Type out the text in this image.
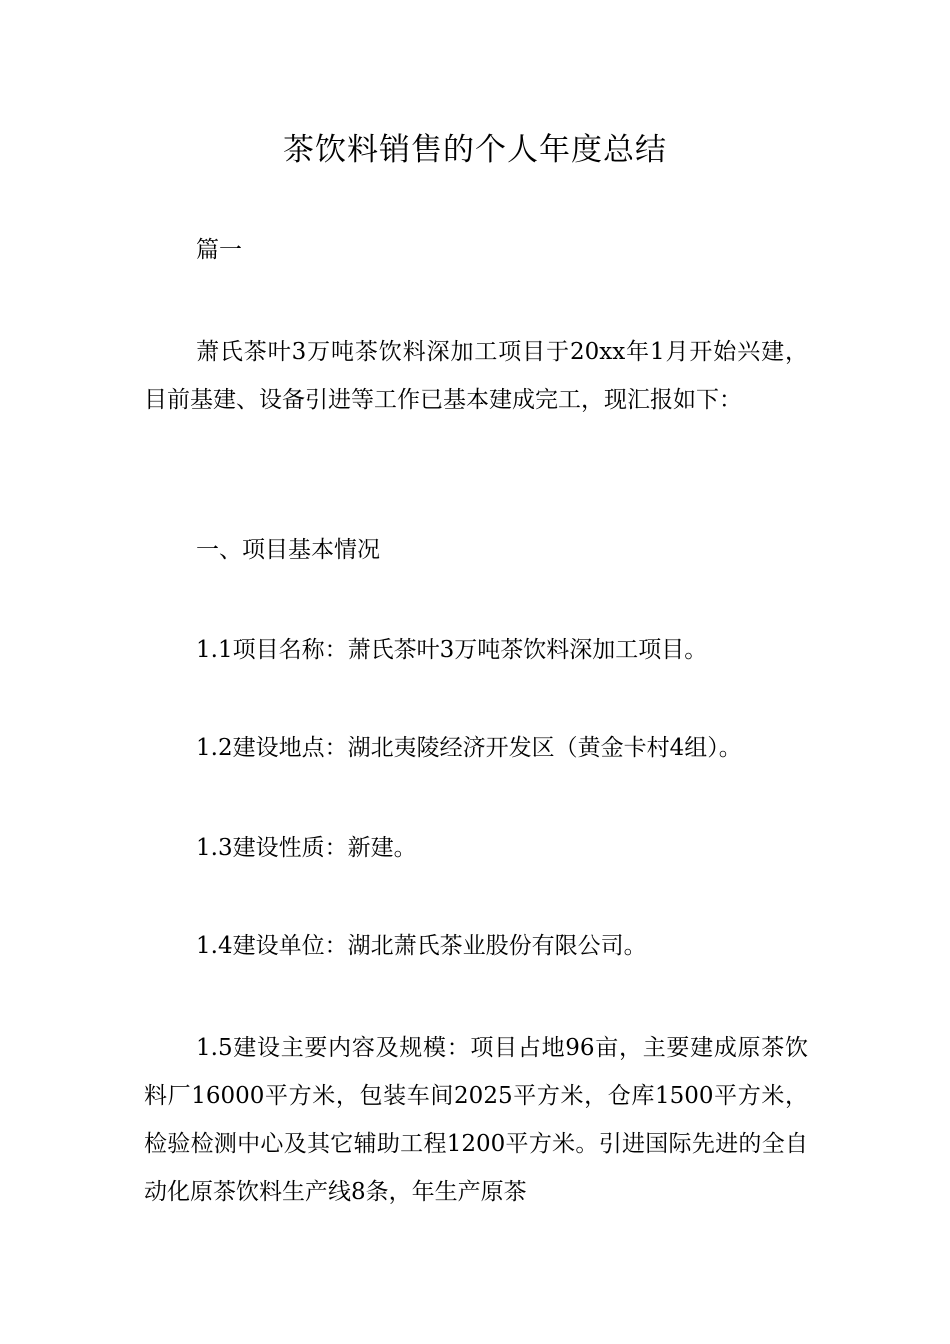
茶饮料销售的个人年度总结

篇一

萧氏茶叶3万吨茶饮料深加工项目于20xx年1月开始兴建，目前基建、设备引进等工作已基本建成完工，现汇报如下：

一、项目基本情况

1.1项目名称：萧氏茶叶3万吨茶饮料深加工项目。

1.2建设地点：湖北夷陵经济开发区（黄金卡村4组）。

1.3建设性质：新建。

1.4建设单位：湖北萧氏茶业股份有限公司。

1.5建设主要内容及规模：项目占地96亩，主要建成原茶饮料厂16000平方米，包装车间2025平方米，仓库1500平方米，检验检测中心及其它辅助工程1200平方米。引进国际先进的全自动化原茶饮料生产线8条，年生产原茶
